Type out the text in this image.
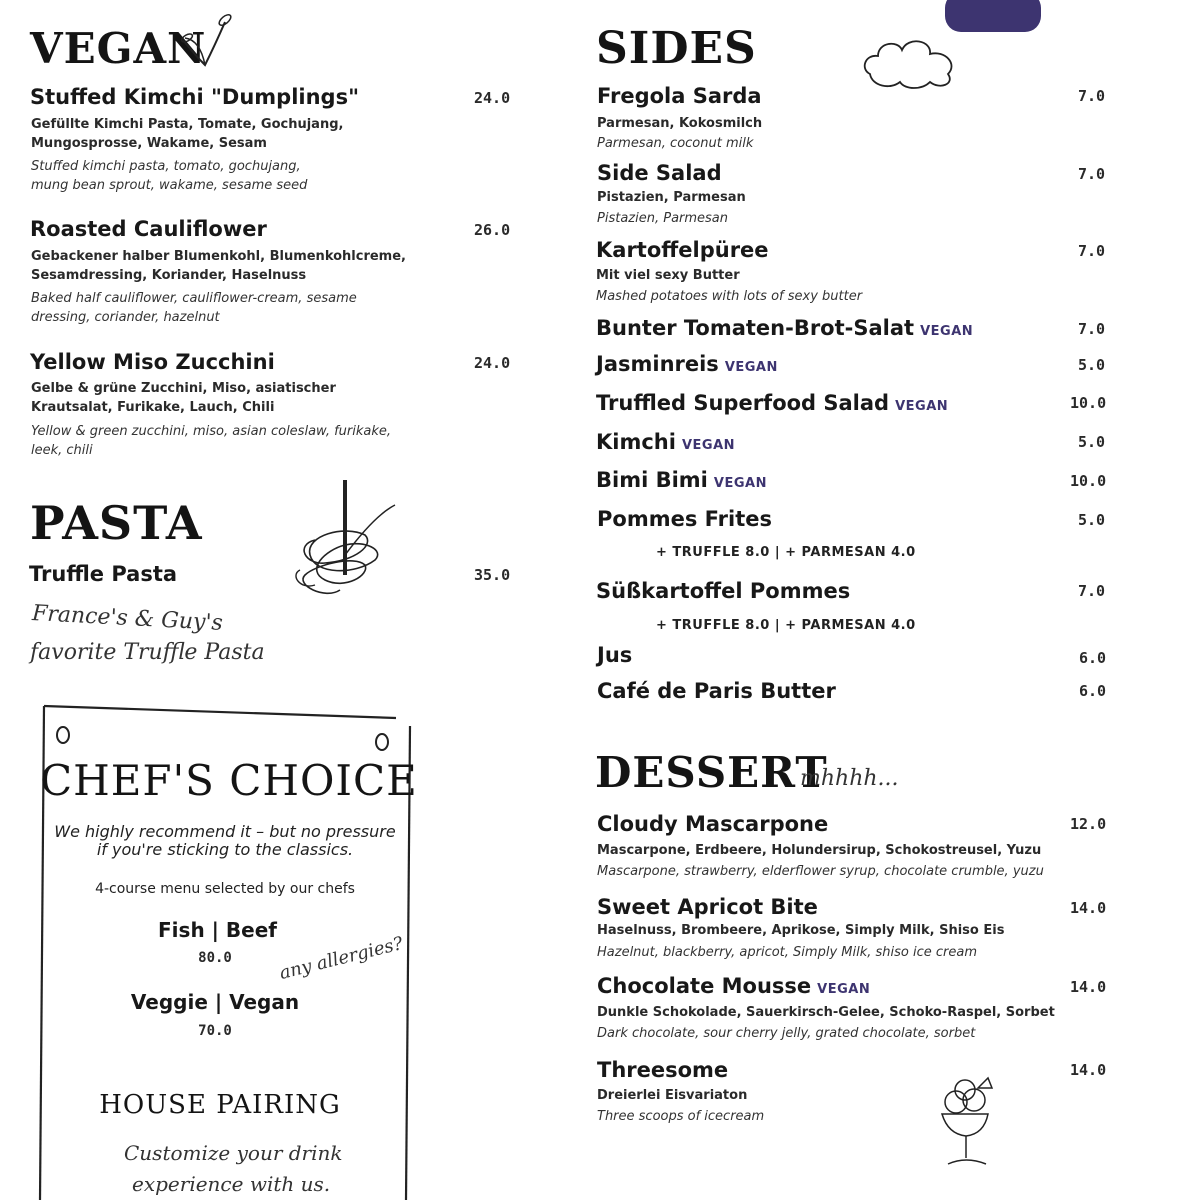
VEGAN
Stuffed Kimchi "Dumplings"	24.0
Gefüllte Kimchi Pasta, Tomate, Gochujang, Mungosprosse, Wakame, Sesam
Stuffed kimchi pasta, tomato, gochujang, mung bean sprout, wakame, sesame seed
Roasted Cauliflower	26.0
Gebackener halber Blumenkohl, Blumenkohlcreme, Sesamdressing, Koriander, Haselnuss
Baked half cauliflower, cauliflower-cream, sesame dressing, coriander, hazelnut
Yellow Miso Zucchini	24.0
Gelbe & grüne Zucchini, Miso, asiatischer Krautsalat, Furikake, Lauch, Chili
Yellow & green zucchini, miso, asian coleslaw, furikake, leek, chili
PASTA
Truffle Pasta	35.0
France's & Guy's
favorite Truffle Pasta
CHEF'S CHOICE
We highly recommend it – but no pressure
if you're sticking to the classics.
4-course menu selected by our chefs
Fish | Beef
80.0	any allergies?
Veggie | Vegan
70.0
HOUSE PAIRING
Customize your drink
experience with us.
SIDES
Fregola Sarda	7.0
Parmesan, Kokosmilch
Parmesan, coconut milk
Side Salad	7.0
Pistazien, Parmesan
Pistazien, Parmesan
Kartoffelpüree	7.0
Mit viel sexy Butter
Mashed potatoes with lots of sexy butter
Bunter Tomaten-Brot-Salat VEGAN	7.0
Jasminreis VEGAN	5.0
Truffled Superfood Salad VEGAN	10.0
Kimchi VEGAN	5.0
Bimi Bimi VEGAN	10.0
Pommes Frites	5.0
+ TRUFFLE 8.0 | + PARMESAN 4.0
Süßkartoffel Pommes	7.0
+ TRUFFLE 8.0 | + PARMESAN 4.0
Jus	6.0
Café de Paris Butter	6.0
DESSERT
mhhhh...
Cloudy Mascarpone	12.0
Mascarpone, Erdbeere, Holundersirup, Schokostreusel, Yuzu
Mascarpone, strawberry, elderflower syrup, chocolate crumble, yuzu
Sweet Apricot Bite	14.0
Haselnuss, Brombeere, Aprikose, Simply Milk, Shiso Eis
Hazelnut, blackberry, apricot, Simply Milk, shiso ice cream
Chocolate Mousse VEGAN	14.0
Dunkle Schokolade, Sauerkirsch-Gelee, Schoko-Raspel, Sorbet
Dark chocolate, sour cherry jelly, grated chocolate, sorbet
Threesome	14.0
Dreierlei Eisvariaton
Three scoops of icecream
